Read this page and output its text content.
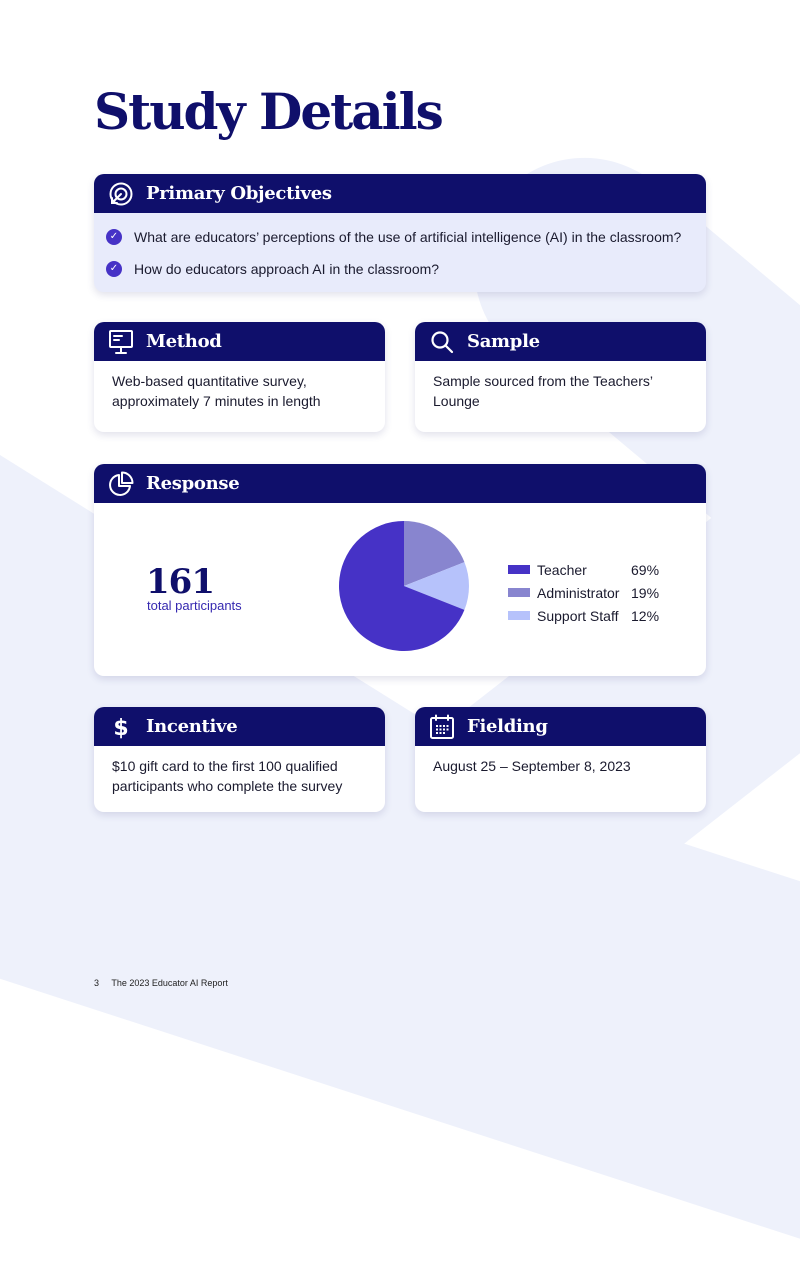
Study Details
Primary Objectives
✓ What are educators’ perceptions of the use of artificial intelligence (AI) in the classroom?
✓ How do educators approach AI in the classroom?
Method
Web-based quantitative survey, approximately 7 minutes in length
Sample
Sample sourced from the Teachers’ Lounge
Response
161
total participants
Teacher	69%
Administrator 19%
Support Staff 12%
$ Incentive
$10 gift card to the first 100 qualified participants who complete the survey
Fielding
August 25 – September 8, 2023
3 The 2023 Educator AI Report
